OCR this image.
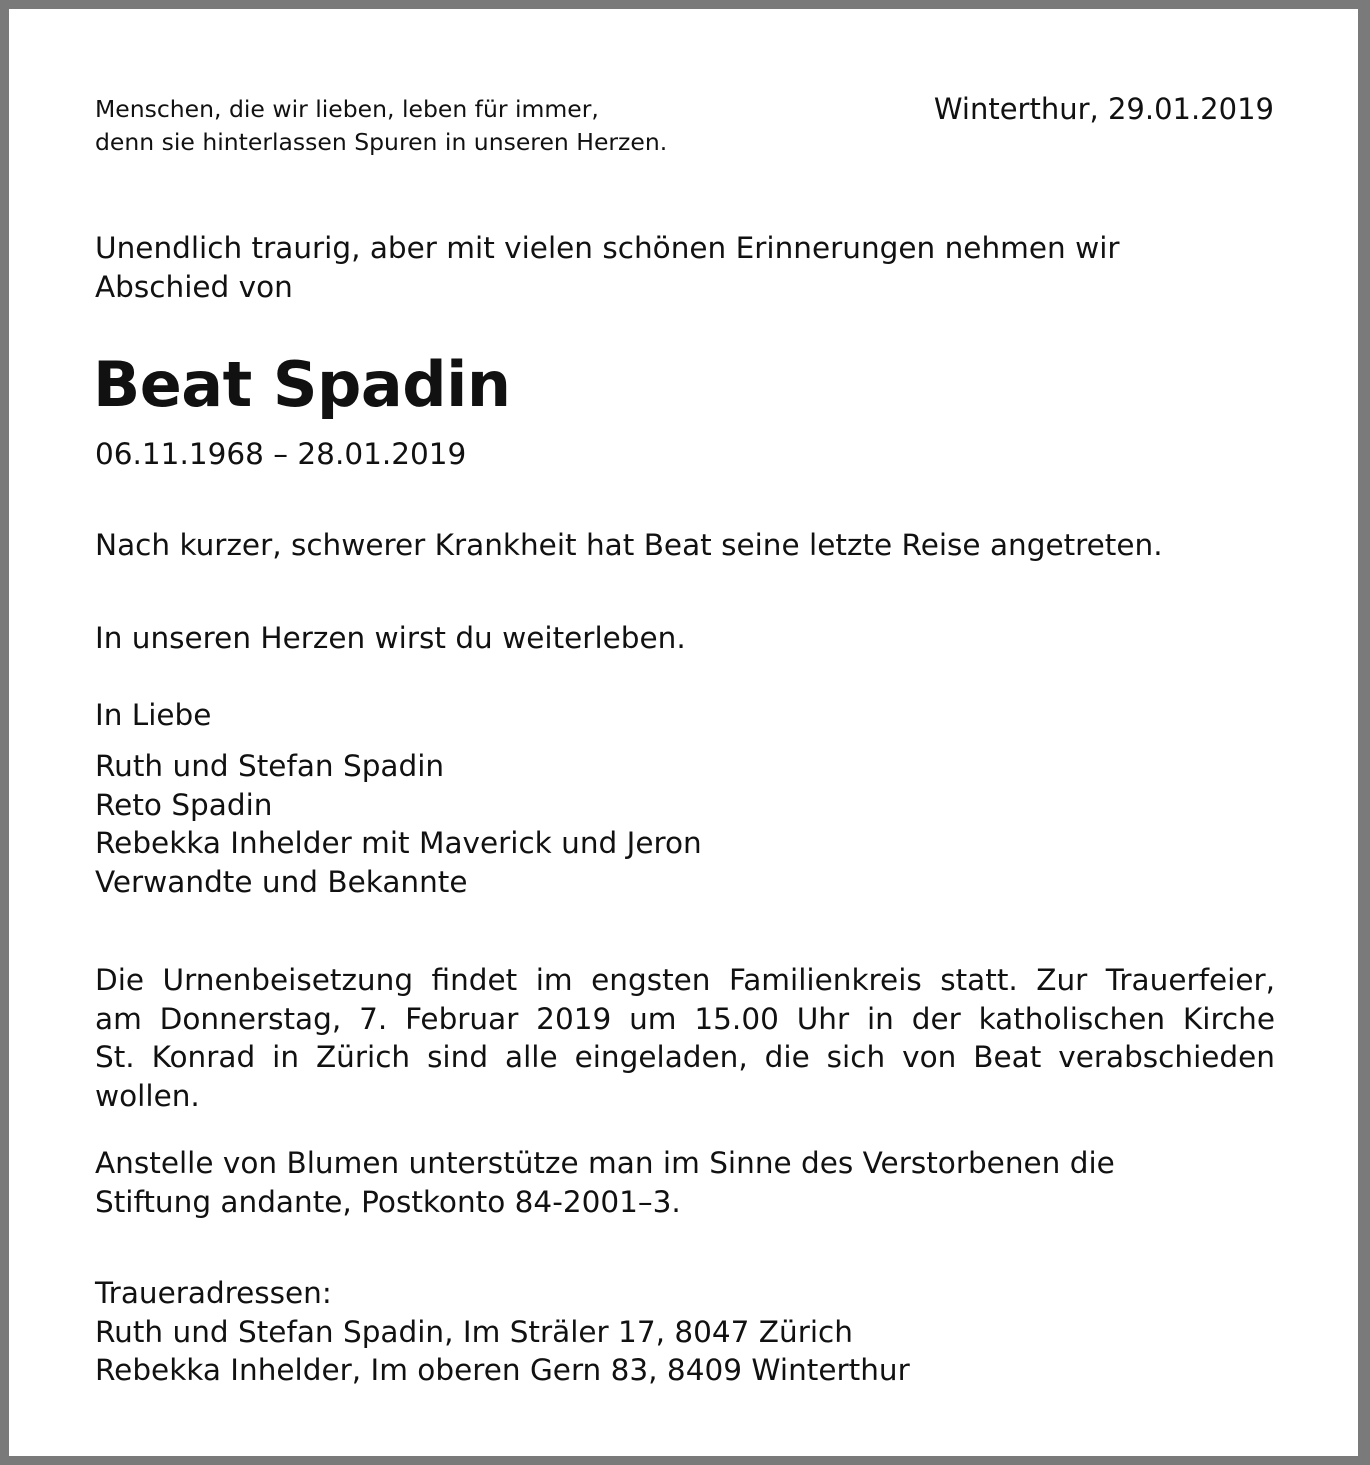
Menschen, die wir lieben, leben für immer,
denn sie hinterlassen Spuren in unseren Herzen.
Winterthur, 29.01.2019
Unendlich traurig, aber mit vielen schönen Erinnerungen nehmen wir
Abschied von
Beat Spadin
06.11.1968 – 28.01.2019
Nach kurzer, schwerer Krankheit hat Beat seine letzte Reise angetreten.
In unseren Herzen wirst du weiterleben.
In Liebe
Ruth und Stefan Spadin
Reto Spadin
Rebekka Inhelder mit Maverick und Jeron
Verwandte und Bekannte
Die Urnenbeisetzung findet im engsten Familienkreis statt. Zur Trauerfeier,
am Donnerstag, 7. Februar 2019 um 15.00 Uhr in der katholischen Kirche
St. Konrad in Zürich sind alle eingeladen, die sich von Beat verabschieden
wollen.
Anstelle von Blumen unterstütze man im Sinne des Verstorbenen die
Stiftung andante, Postkonto 84-2001–3.
Traueradressen:
Ruth und Stefan Spadin, Im Sträler 17, 8047 Zürich
Rebekka Inhelder, Im oberen Gern 83, 8409 Winterthur
